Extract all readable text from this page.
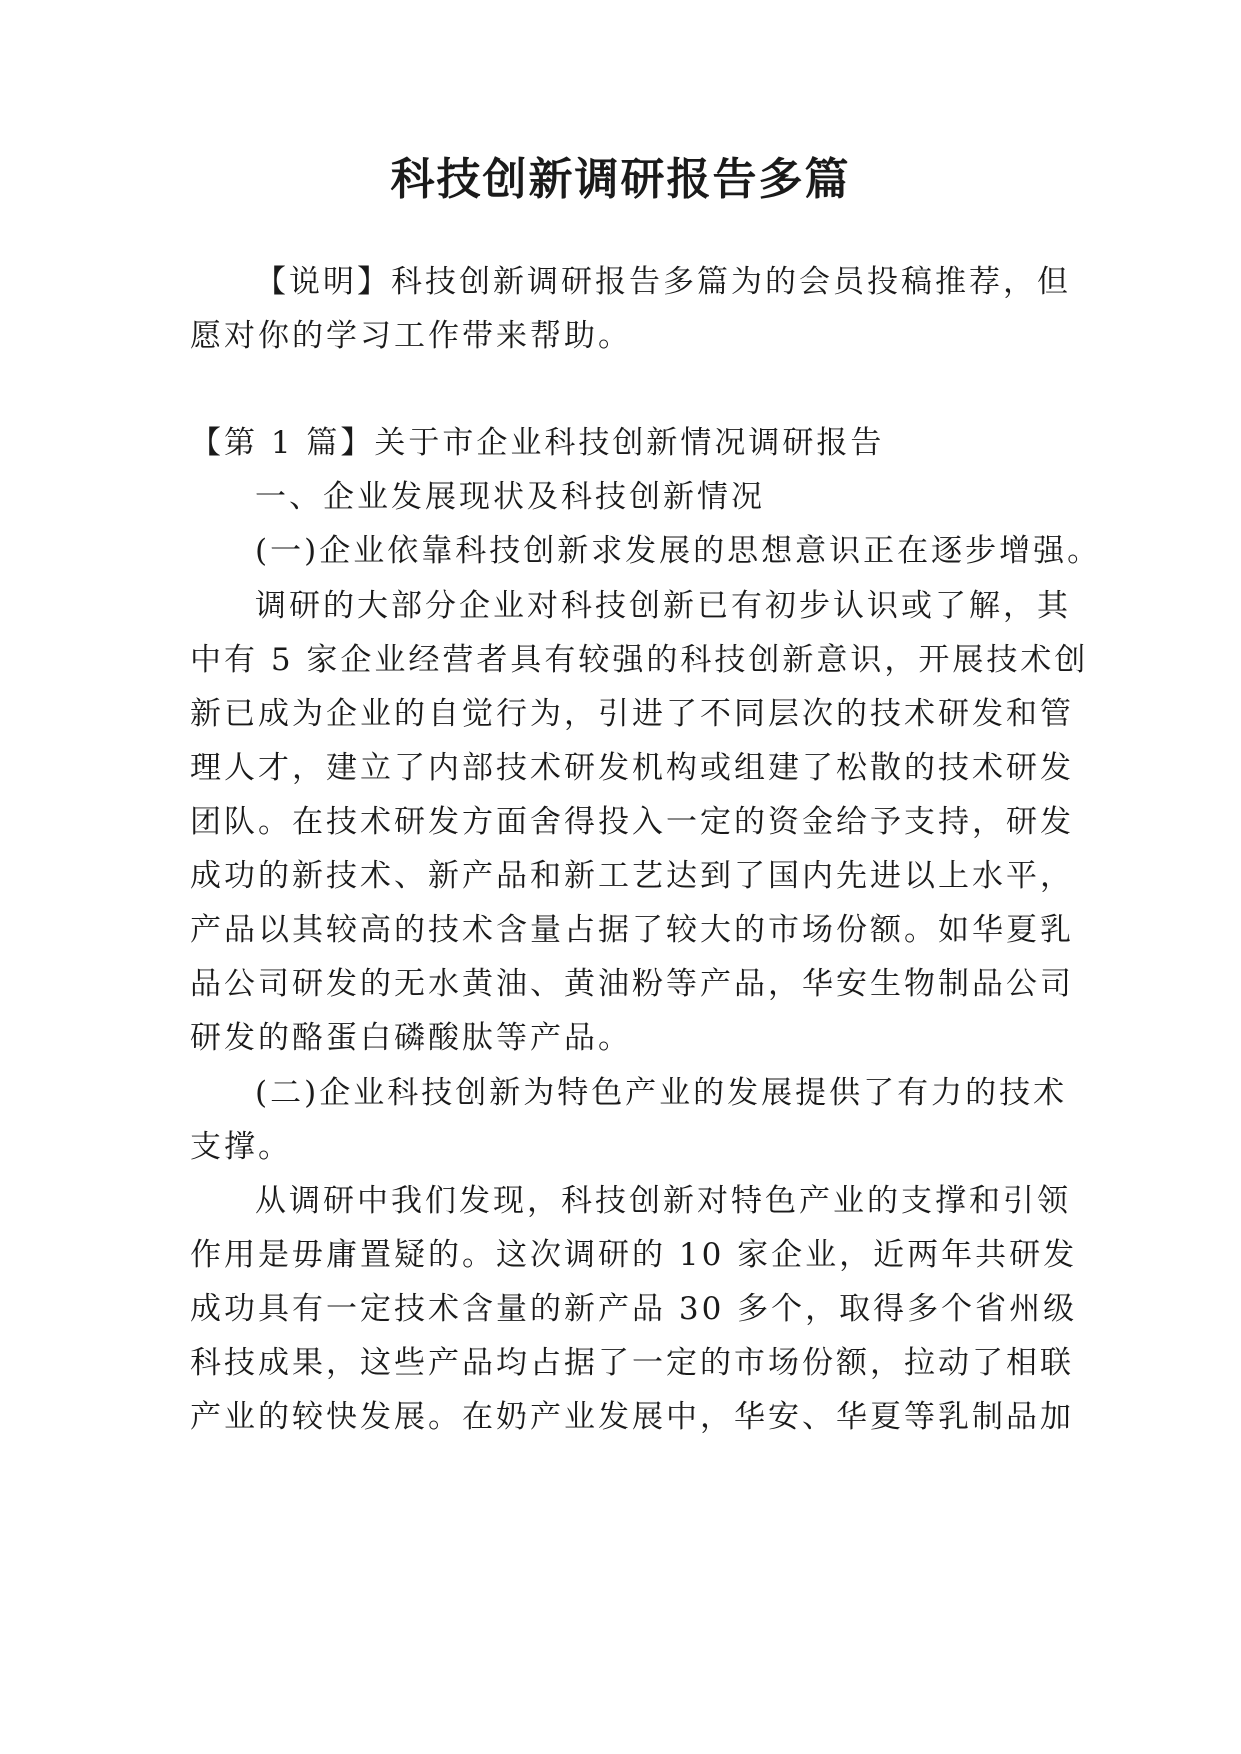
科技创新调研报告多篇
【说明】科技创新调研报告多篇为的会员投稿推荐，但
愿对你的学习工作带来帮助。
【第 1 篇】关于市企业科技创新情况调研报告
一、企业发展现状及科技创新情况
(一)企业依靠科技创新求发展的思想意识正在逐步增强。
调研的大部分企业对科技创新已有初步认识或了解，其
中有 5 家企业经营者具有较强的科技创新意识，开展技术创
新已成为企业的自觉行为，引进了不同层次的技术研发和管
理人才，建立了内部技术研发机构或组建了松散的技术研发
团队。在技术研发方面舍得投入一定的资金给予支持，研发
成功的新技术、新产品和新工艺达到了国内先进以上水平，
产品以其较高的技术含量占据了较大的市场份额。如华夏乳
品公司研发的无水黄油、黄油粉等产品，华安生物制品公司
研发的酪蛋白磷酸肽等产品。
(二)企业科技创新为特色产业的发展提供了有力的技术
支撑。
从调研中我们发现，科技创新对特色产业的支撑和引领
作用是毋庸置疑的。这次调研的 10 家企业，近两年共研发
成功具有一定技术含量的新产品 30 多个，取得多个省州级
科技成果，这些产品均占据了一定的市场份额，拉动了相联
产业的较快发展。在奶产业发展中，华安、华夏等乳制品加
